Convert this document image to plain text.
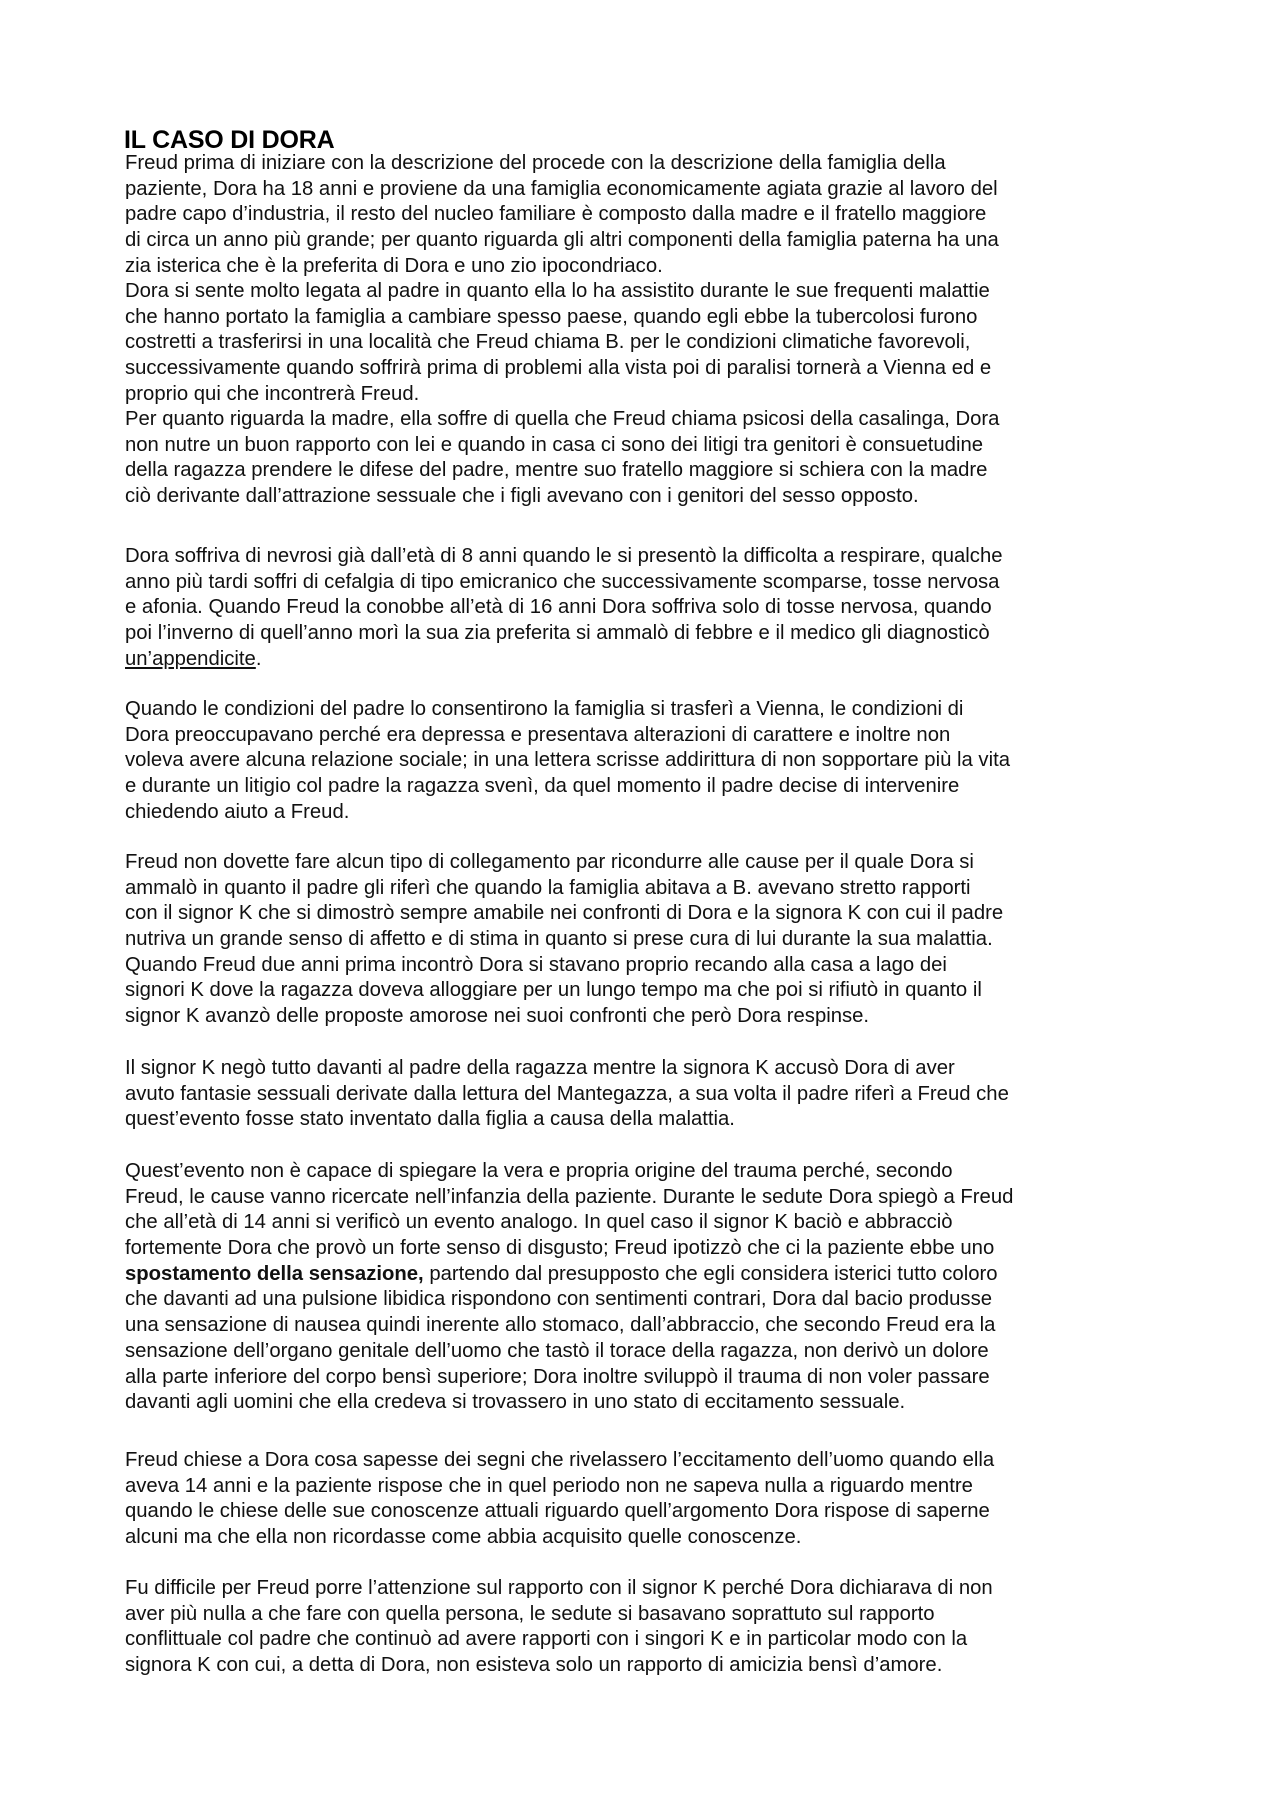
IL CASO DI DORA
Freud prima di iniziare con la descrizione del procede con la descrizione della famiglia della
paziente, Dora ha 18 anni e proviene da una famiglia economicamente agiata grazie al lavoro del
padre capo d’industria, il resto del nucleo familiare è composto dalla madre e il fratello maggiore
di circa un anno più grande; per quanto riguarda gli altri componenti della famiglia paterna ha una
zia isterica che è la preferita di Dora e uno zio ipocondriaco.
Dora si sente molto legata al padre in quanto ella lo ha assistito durante le sue frequenti malattie
che hanno portato la famiglia a cambiare spesso paese, quando egli ebbe la tubercolosi furono
costretti a trasferirsi in una località che Freud chiama B. per le condizioni climatiche favorevoli,
successivamente quando soffrirà prima di problemi alla vista poi di paralisi tornerà a Vienna ed e
proprio qui che incontrerà Freud.
Per quanto riguarda la madre, ella soffre di quella che Freud chiama psicosi della casalinga, Dora
non nutre un buon rapporto con lei e quando in casa ci sono dei litigi tra genitori è consuetudine
della ragazza prendere le difese del padre, mentre suo fratello maggiore si schiera con la madre
ciò derivante dall’attrazione sessuale che i figli avevano con i genitori del sesso opposto.
Dora soffriva di nevrosi già dall’età di 8 anni quando le si presentò la difficolta a respirare, qualche
anno più tardi soffri di cefalgia di tipo emicranico che successivamente scomparse, tosse nervosa
e afonia. Quando Freud la conobbe all’età di 16 anni Dora soffriva solo di tosse nervosa, quando
poi l’inverno di quell’anno morì la sua zia preferita si ammalò di febbre e il medico gli diagnosticò
un’appendicite.
Quando le condizioni del padre lo consentirono la famiglia si trasferì a Vienna, le condizioni di
Dora preoccupavano perché era depressa e presentava alterazioni di carattere e inoltre non
voleva avere alcuna relazione sociale; in una lettera scrisse addirittura di non sopportare più la vita
e durante un litigio col padre la ragazza svenì, da quel momento il padre decise di intervenire
chiedendo aiuto a Freud.
Freud non dovette fare alcun tipo di collegamento par ricondurre alle cause per il quale Dora si
ammalò in quanto il padre gli riferì che quando la famiglia abitava a B. avevano stretto rapporti
con il signor K che si dimostrò sempre amabile nei confronti di Dora e la signora K con cui il padre
nutriva un grande senso di affetto e di stima in quanto si prese cura di lui durante la sua malattia.
Quando Freud due anni prima incontrò Dora si stavano proprio recando alla casa a lago dei
signori K dove la ragazza doveva alloggiare per un lungo tempo ma che poi si rifiutò in quanto il
signor K avanzò delle proposte amorose nei suoi confronti che però Dora respinse.
Il signor K negò tutto davanti al padre della ragazza mentre la signora K accusò Dora di aver
avuto fantasie sessuali derivate dalla lettura del Mantegazza, a sua volta il padre riferì a Freud che
quest’evento fosse stato inventato dalla figlia a causa della malattia.
Quest’evento non è capace di spiegare la vera e propria origine del trauma perché, secondo
Freud, le cause vanno ricercate nell’infanzia della paziente. Durante le sedute Dora spiegò a Freud
che all’età di 14 anni si verificò un evento analogo. In quel caso il signor K baciò e abbracciò
fortemente Dora che provò un forte senso di disgusto; Freud ipotizzò che ci la paziente ebbe uno
spostamento della sensazione, partendo dal presupposto che egli considera isterici tutto coloro
che davanti ad una pulsione libidica rispondono con sentimenti contrari, Dora dal bacio produsse
una sensazione di nausea quindi inerente allo stomaco, dall’abbraccio, che secondo Freud era la
sensazione dell’organo genitale dell’uomo che tastò il torace della ragazza, non derivò un dolore
alla parte inferiore del corpo bensì superiore; Dora inoltre sviluppò il trauma di non voler passare
davanti agli uomini che ella credeva si trovassero in uno stato di eccitamento sessuale.
Freud chiese a Dora cosa sapesse dei segni che rivelassero l’eccitamento dell’uomo quando ella
aveva 14 anni e la paziente rispose che in quel periodo non ne sapeva nulla a riguardo mentre
quando le chiese delle sue conoscenze attuali riguardo quell’argomento Dora rispose di saperne
alcuni ma che ella non ricordasse come abbia acquisito quelle conoscenze.
Fu difficile per Freud porre l’attenzione sul rapporto con il signor K perché Dora dichiarava di non
aver più nulla a che fare con quella persona, le sedute si basavano soprattuto sul rapporto
conflittuale col padre che continuò ad avere rapporti con i singori K e in particolar modo con la
signora K con cui, a detta di Dora, non esisteva solo un rapporto di amicizia bensì d’amore.
